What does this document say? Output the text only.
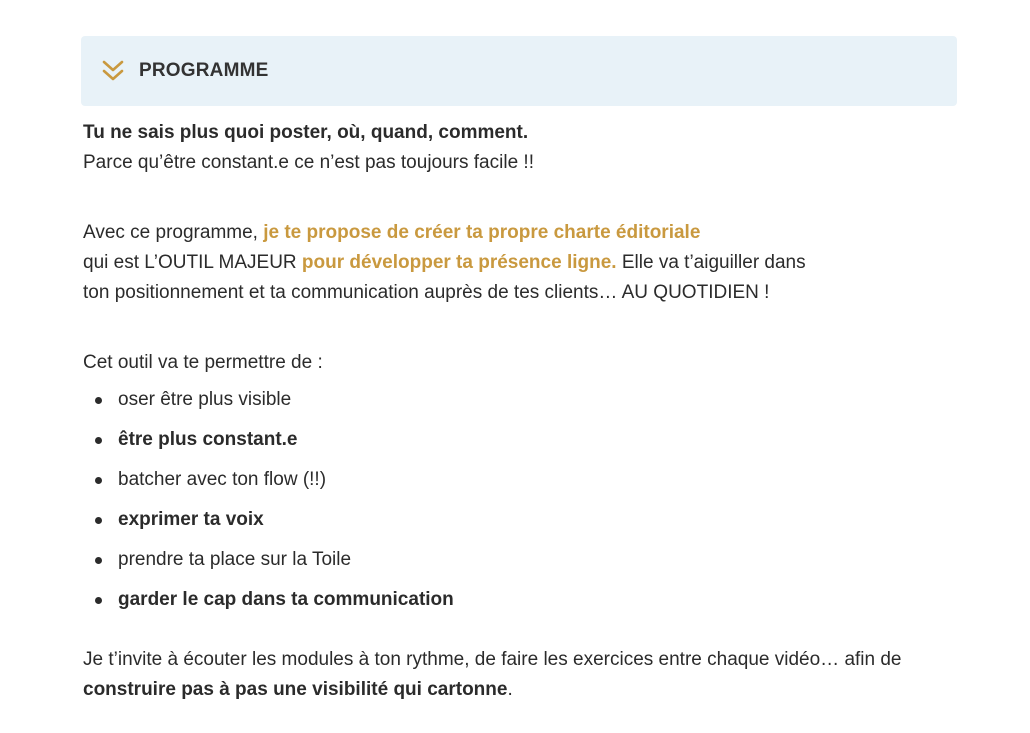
PROGRAMME

Tu ne sais plus quoi poster, où, quand, comment.

Parce qu’être constant.e ce n’est pas toujours facile !!

Avec ce programme, je te propose de créer ta propre charte éditoriale

qui est L’OUTIL MAJEUR pour développer ta présence ligne. Elle va t’aiguiller dans

ton positionnement et ta communication auprès de tes clients… AU QUOTIDIEN !

Cet outil va te permettre de :

oser être plus visible
être plus constant.e
batcher avec ton flow (!!)
exprimer ta voix
prendre ta place sur la Toile
garder le cap dans ta communication

Je t’invite à écouter les modules à ton rythme, de faire les exercices entre chaque vidéo… afin de

construire pas à pas une visibilité qui cartonne.
